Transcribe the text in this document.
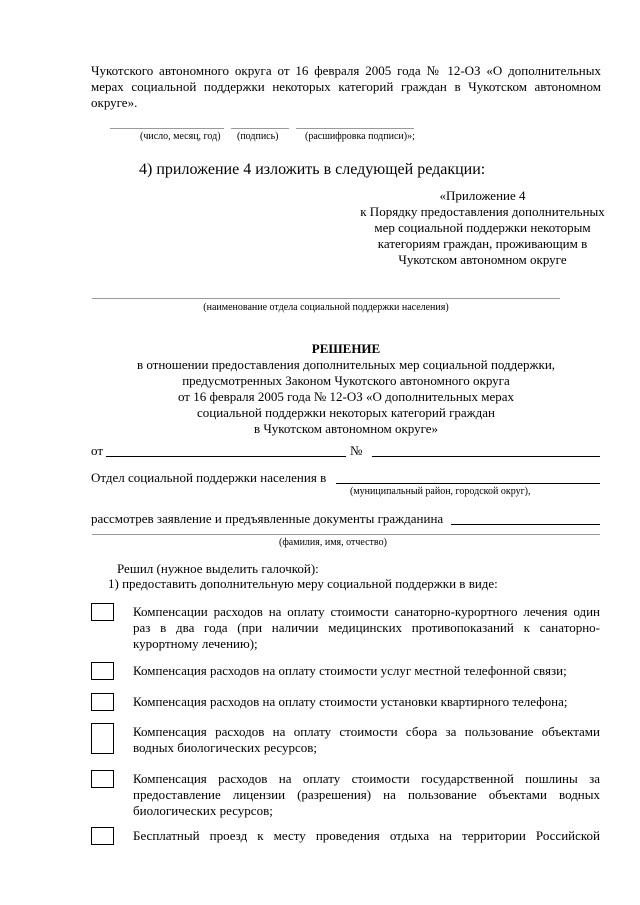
Чукотского автономного округа от 16 февраля 2005 года № 12-ОЗ «О дополнительных
мерах социальной поддержки некоторых категорий граждан в Чукотском автономном
округе».
(число, месяц, год) (подпись)	(расшифровка подписи)»;
4) приложение 4 изложить в следующей редакции:
«Приложение 4
к Порядку предоставления дополнительных
мер социальной поддержки некоторым
категориям граждан, проживающим в
Чукотском автономном округе
(наименование отдела социальной поддержки населения)
РЕШЕНИЕ
в отношении предоставления дополнительных мер социальной поддержки,
предусмотренных Законом Чукотского автономного округа
от 16 февраля 2005 года № 12-ОЗ «О дополнительных мерах
социальной поддержки некоторых категорий граждан
в Чукотском автономном округе»
от	№
Отдел социальной поддержки населения в
(муниципальный район, городской округ),
рассмотрев заявление и предъявленные документы гражданина
(фамилия, имя, отчество)
Решил (нужное выделить галочкой):
1) предоставить дополнительную меру социальной поддержки в виде:
Компенсации расходов на оплату стоимости санаторно-курортного лечения один
раз в два года (при наличии медицинских противопоказаний к санаторно-
курортному лечению);
Компенсация расходов на оплату стоимости услуг местной телефонной связи;
Компенсация расходов на оплату стоимости установки квартирного телефона;
Компенсация расходов на оплату стоимости сбора за пользование объектами
водных биологических ресурсов;
Компенсация расходов на оплату стоимости государственной пошлины за
предоставление лицензии (разрешения) на пользование объектами водных
биологических ресурсов;
Бесплатный проезд к месту проведения отдыха на территории Российской
